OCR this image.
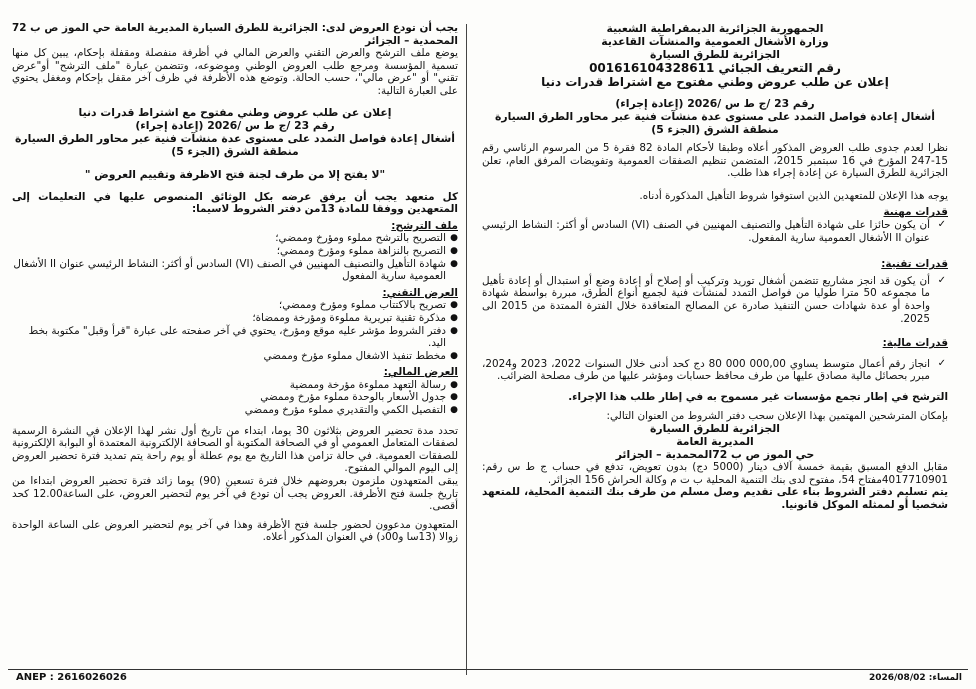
الجمهورية الجزائرية الديمقراطية الشعبية
وزارة الأشغال العمومية والمنشآت القاعدية
الجزائرية للطرق السيارة
رقم التعريف الجبائي 001616104328611
إعلان عن طلب عروض وطني مفتوح مع اشتراط قدرات دنيا
رقم 23 /ج ط س /2026 (إعادة إجراء)
أشغال إعادة فواصل التمدد على مستوى عدة منشآت فنية عبر محاور الطرق السيارة
منطقة الشرق (الجزء 5)
نظرا لعدم جدوى طلب العروض المذكور أعلاه وطبقا لأحكام المادة 82 فقرة 5 من المرسوم الرئاسي رقم 15-247 المؤرخ في 16 سبتمبر 2015، المتضمن تنظيم الصفقات العمومية وتفويضات المرفق العام، تعلن الجزائرية للطرق السيارة عن إعادة إجراء هذا طلب.
يوجه هذا الإعلان للمتعهدين الذين استوفوا شروط التأهيل المذكورة أدناه.
قدرات مهنية
✓
أن يكون حائزا على شهادة التأهيل والتصنيف المهنيين في الصنف (VI) السادس أو أكثر: النشاط الرئيسي عنوان II الأشغال العمومية سارية المفعول.
قدرات تقنية:
✓
أن يكون قد انجز مشاريع تتضمن أشغال توريد وتركيب أو إصلاح أو إعادة وضع أو استبدال أو إعادة تأهيل ما مجموعه 50 مترا طوليا من فواصل التمدد لمنشآت فنية لجميع أنواع الطرق، مبررة بواسطة شهادة واحدة أو عدة شهادات حسن التنفيذ صادرة عن المصالح المتعاقدة خلال الفترة الممتدة من 2015 الى 2025.
قدرات مالية:
✓
انجاز رقم أعمال متوسط يساوي 000,00 000 80 دج كحد أدنى خلال السنوات 2022، 2023 و2024، مبرر بحصائل مالية مصادق عليها من طرف محافظ حسابات ومؤشر عليها من طرف مصلحة الضرائب.
الترشح في إطار تجمع مؤسسات غير مسموح به في إطار طلب هذا الإجراء.
بإمكان المترشحين المهتمين بهذا الإعلان سحب دفتر الشروط من العنوان التالي:
الجزائرية للطرق السيارة
المديرية العامة
حي الموز ص ب 72المحمدية – الجزائر
مقابل الدفع المسبق بقيمة خمسة آلاف دينار (5000 دج) بدون تعويض، تدفع في حساب ج ط س رقم: 4017710901مفتاح 54، مفتوح لدى بنك التنمية المحلية ب ت م وكالة الحراش 156 الجزائر.
يتم تسليم دفتر الشروط بناء على تقديم وصل مسلم من طرف بنك التنمية المحلية، للمتعهد شخصيا أو لممثله الموكل قانونيا.
يجب أن تودع العروض لدى: الجزائرية للطرق السيارة المديرية العامة حي الموز ص ب 72 المحمدية – الجزائر
يوضع ملف الترشح والعرض التقني والعرض المالي في أظرفة منفصلة ومقفلة بإحكام، يبين كل منها تسمية المؤسسة ومرجع طلب العروض الوطني وموضوعه، وتتضمن عبارة "ملف الترشح" أو"عرض تقني" أو "عرض مالي"، حسب الحالة. وتوضع هذه الأظرفة في ظرف آخر مقفل بإحكام ومغفل يحتوي على العبارة التالية:
إعلان عن طلب عروض وطني مفتوح مع اشتراط قدرات دنيا
رقم 23 /ج ط س /2026 (إعادة إجراء)
أشغال إعادة فواصل التمدد على مستوى عدة منشآت فنية عبر محاور الطرق السيارة
منطقة الشرق (الجزء 5)
"لا يفتح إلا من طرف لجنة فتح الاظرفة وتقييم العروض "
كل متعهد يجب أن يرفق عرضه بكل الوثائق المنصوص عليها في التعليمات إلى المتعهدين ووفقا للمادة 13من دفتر الشروط لاسيما:
ملف الترشح:
●
التصريح بالترشح مملوء ومؤرخ وممضي؛
●
التصريح بالنزاهة مملوء ومؤرخ وممضي؛
●
شهادة التأهيل والتصنيف المهنيين في الصنف (VI) السادس أو أكثر: النشاط الرئيسي عنوان II الأشغال العمومية سارية المفعول
العرض التقني:
●
تصريح بالاكتتاب مملوء ومؤرخ وممضي؛
●
مذكرة تقنية تبريرية مملوءة ومؤرخة وممضاة؛
●
دفتر الشروط مؤشر عليه موقع ومؤرخ، يحتوي في آخر صفحته على عبارة "قرأ وقبل" مكتوبة بخط اليد.
●
مخطط تنفيذ الاشغال مملوء مؤرخ وممضي
العرض المالي:
●
رسالة التعهد مملوءة مؤرخة وممضية
●
جدول الأسعار بالوحدة مملوء مؤرخ وممضي
●
التفصيل الكمي والتقديري مملوء مؤرخ وممضي
تحدد مدة تحضير العروض بثلاثون 30 يوما، ابتداء من تاريخ أول نشر لهذا الإعلان في النشرة الرسمية لصفقات المتعامل العمومي أو في الصحافة المكتوبة أو الصحافة الإلكترونية المعتمدة أو البوابة الإلكترونية للصفقات العمومية. في حالة تزامن هذا التاريخ مع يوم عطلة أو يوم راحة يتم تمديد فترة تحضير العروض إلى اليوم الموالي المفتوح.
يبقى المتعهدون ملزمون بعروضهم خلال فترة تسعين (90) يوما زائد فترة تحضير العروض ابتداءا من تاريخ جلسة فتح الأظرفة. العروض يجب أن تودع في آخر يوم لتحضير العروض، على الساعة12.00 كحد أقصى.
المتعهدون مدعوون لحضور جلسة فتح الأظرفة وهذا في آخر يوم لتحضير العروض على الساعة الواحدة زوالا (13سا و00د) في العنوان المذكور أعلاه.
ANEP : 2616026026	المساء: 2026/08/02
